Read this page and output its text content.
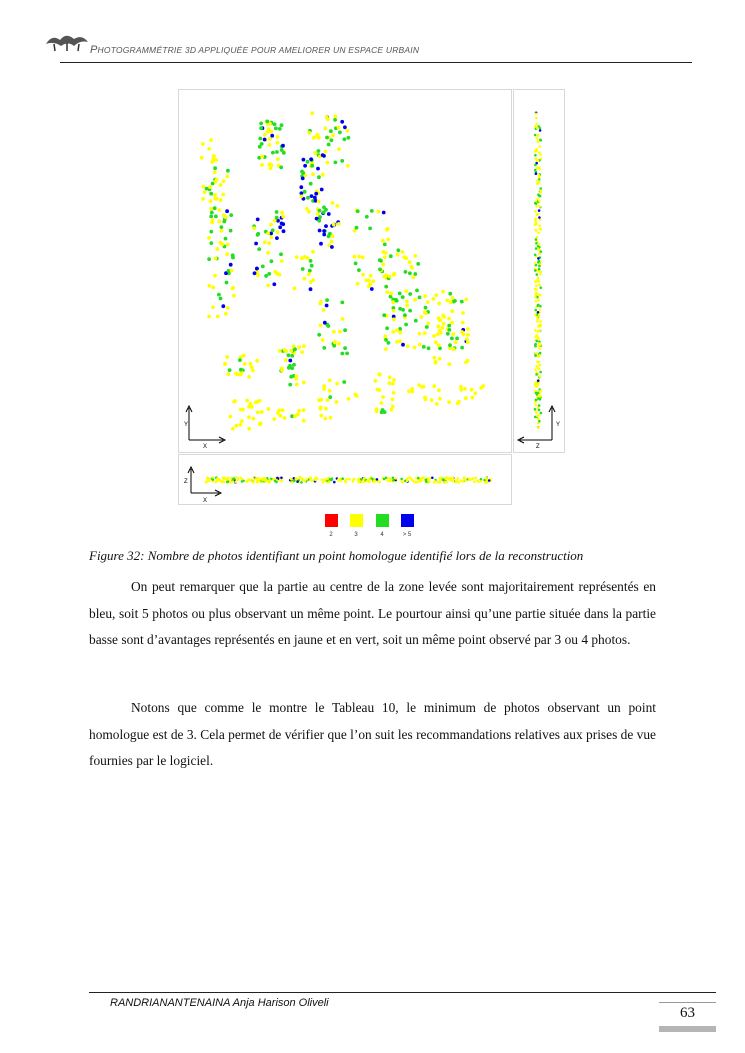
PHOTOGRAMMÉTRIE 3D APPLIQUÉE POUR AMELIORER UN ESPACE URBAIN
X
Y
Z
Y
X
Z
2	3	4	> 5
Figure 32: Nombre de photos identifiant un point homologue identifié lors de la reconstruction

On peut remarquer que la partie au centre de la zone levée sont majoritairement représentés en bleu, soit 5 photos ou plus observant un même point. Le pourtour ainsi qu’une partie située dans la partie basse sont d’avantages représentés en jaune et en vert, soit un même point observé par 3 ou 4 photos.

Notons que comme le montre le Tableau 10, le minimum de photos observant un point homologue est de 3. Cela permet de vérifier que l’on suit les recommandations relatives aux prises de vue fournies par le logiciel.

RANDRIANANTENAINA Anja Harison Oliveli
63
